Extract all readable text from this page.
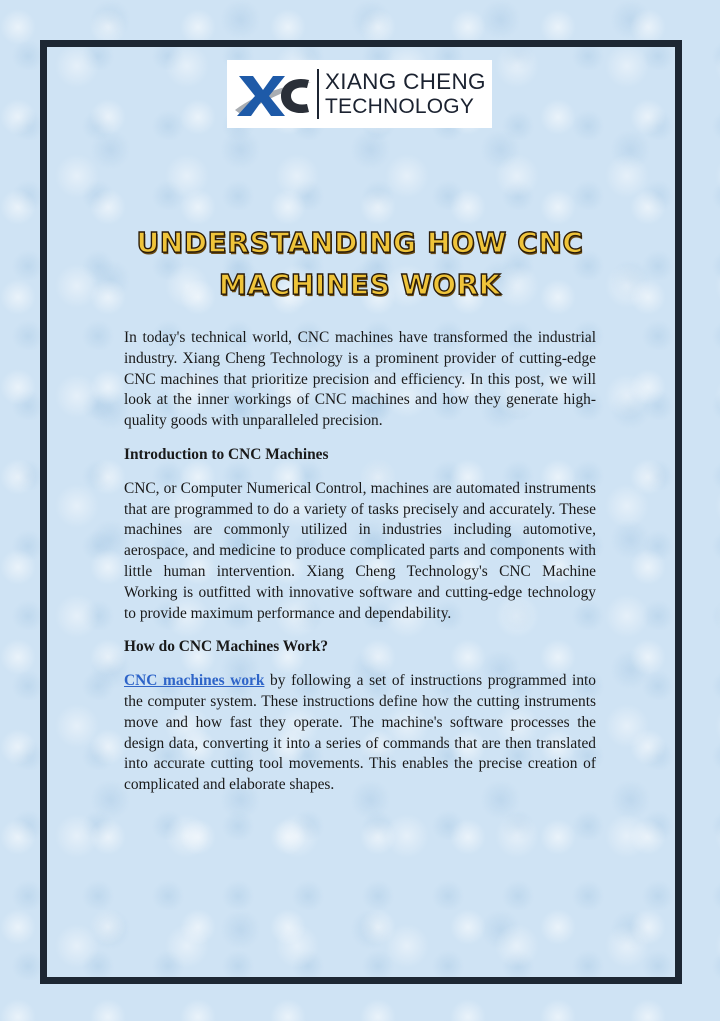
XIANG CHENG
TECHNOLOGY
UNDERSTANDING HOW CNC
MACHINES WORK

In today's technical world, CNC machines have transformed the industrial industry. Xiang Cheng Technology is a prominent provider of cutting-edge CNC machines that prioritize precision and efficiency. In this post, we will look at the inner workings of CNC machines and how they generate high-quality goods with unparalleled precision.

Introduction to CNC Machines

CNC, or Computer Numerical Control, machines are automated instruments that are programmed to do a variety of tasks precisely and accurately. These machines are commonly utilized in industries including automotive, aerospace, and medicine to produce complicated parts and components with little human intervention. Xiang Cheng Technology's CNC Machine Working is outfitted with innovative software and cutting-edge technology to provide maximum performance and dependability.

How do CNC Machines Work?

CNC machines work by following a set of instructions programmed into the computer system. These instructions define how the cutting instruments move and how fast they operate. The machine's software processes the design data, converting it into a series of commands that are then translated into accurate cutting tool movements. This enables the precise creation of complicated and elaborate shapes.
